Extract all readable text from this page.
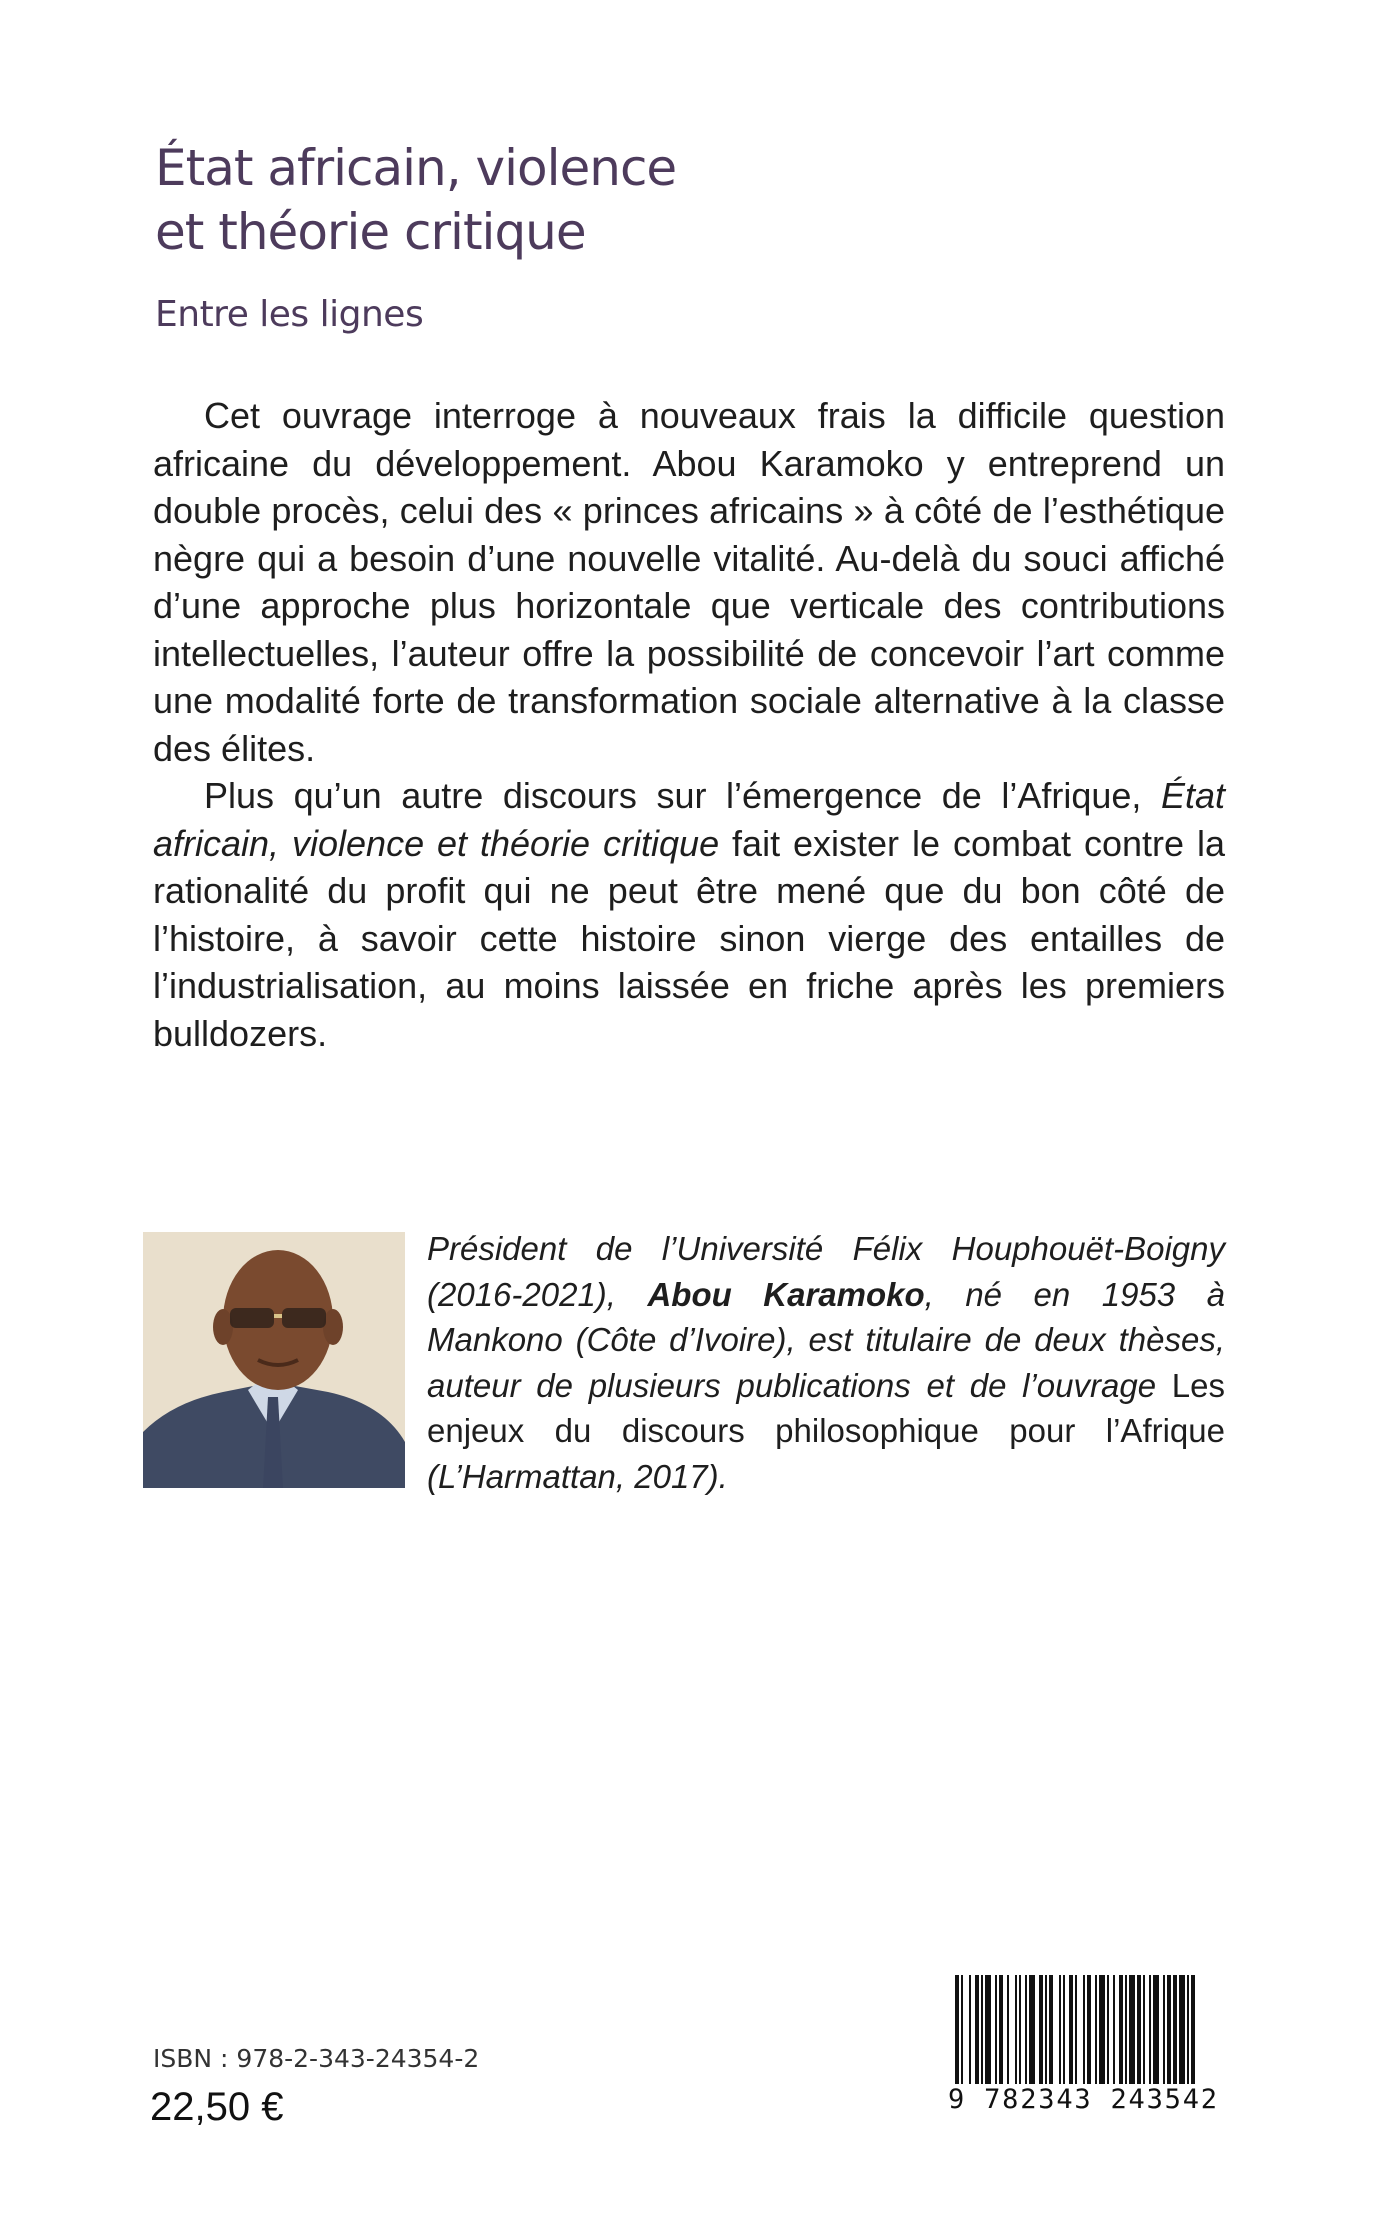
État africain, violence
et théorie critique
Entre les lignes

Cet ouvrage interroge à nouveaux frais la difficile question africaine du développement. Abou Karamoko y entreprend un double procès, celui des « princes africains » à côté de l’esthétique nègre qui a besoin d’une nouvelle vitalité. Au-delà du souci affiché d’une approche plus horizontale que verticale des contributions intellectuelles, l’auteur offre la possibilité de concevoir l’art comme une modalité forte de transformation sociale alternative à la classe des élites.

Plus qu’un autre discours sur l’émergence de l’Afrique, État africain, violence et théorie critique fait exister le combat contre la rationalité du profit qui ne peut être mené que du bon côté de l’histoire, à savoir cette histoire sinon vierge des entailles de l’industrialisation, au moins laissée en friche après les premiers bulldozers.

Président de l’Université Félix Houphouët-Boigny (2016-2021), Abou Karamoko, né en 1953 à Mankono (Côte d’Ivoire), est titulaire de deux thèses, auteur de plusieurs publications et de l’ouvrage Les enjeux du discours philosophique pour l’Afrique (L’Harmattan, 2017).
ISBN : 978-2-343-24354-2
22,50 €	9 782343 243542
